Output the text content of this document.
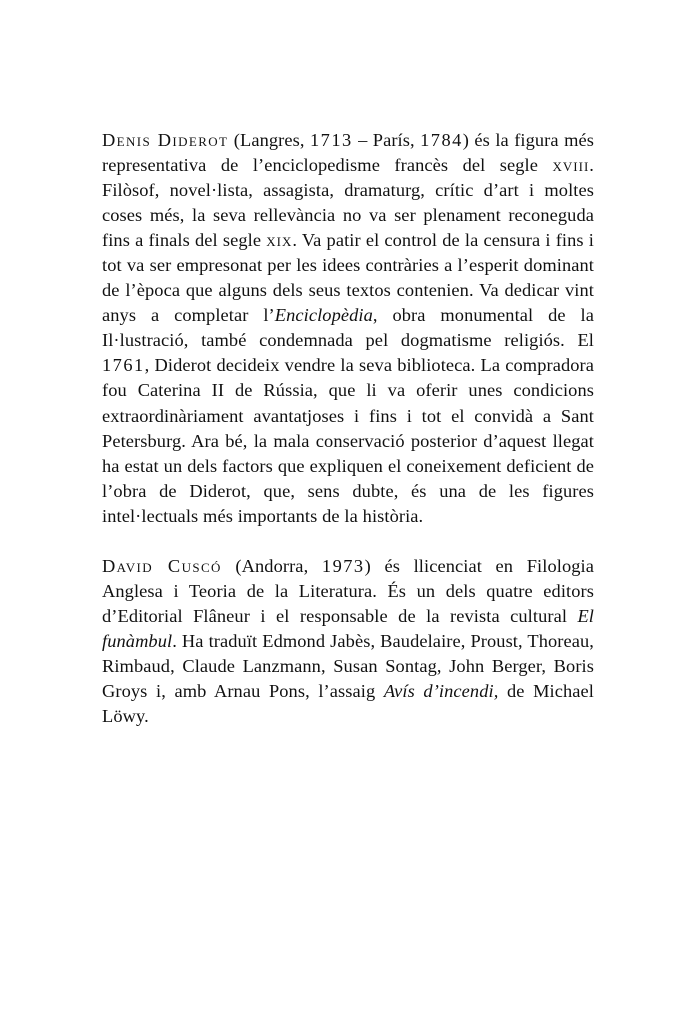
Denis Diderot (Langres, 1713 – París, 1784) és la figura més representativa de l’enciclopedisme francès del segle xviii. Filòsof, novel·lista, assagista, dramaturg, crític d’art i moltes coses més, la seva rellevància no va ser plenament reconeguda fins a finals del segle xix. Va patir el control de la censura i fins i tot va ser empresonat per les idees contràries a l’esperit dominant de l’època que alguns dels seus textos contenien. Va dedicar vint anys a completar l’Enciclopèdia, obra monumental de la Il·lustració, també condemnada pel dogmatisme religiós. El 1761, Diderot decideix vendre la seva biblioteca. La compradora fou Caterina II de Rússia, que li va oferir unes condicions extraordinàriament avantatjoses i fins i tot el convidà a Sant Petersburg. Ara bé, la mala conservació posterior d’aquest llegat ha estat un dels factors que expliquen el coneixement deficient de l’obra de Diderot, que, sens dubte, és una de les figures intel·lectuals més importants de la història.

David Cuscó (Andorra, 1973) és llicenciat en Filologia Anglesa i Teoria de la Literatura. És un dels quatre editors d’Editorial Flâneur i el responsable de la revista cultural El funàmbul. Ha traduït Edmond Jabès, Baudelaire, Proust, Thoreau, Rimbaud, Claude Lanzmann, Susan Sontag, John Berger, Boris Groys i, amb Arnau Pons, l’assaig Avís d’incendi, de Michael Löwy.
